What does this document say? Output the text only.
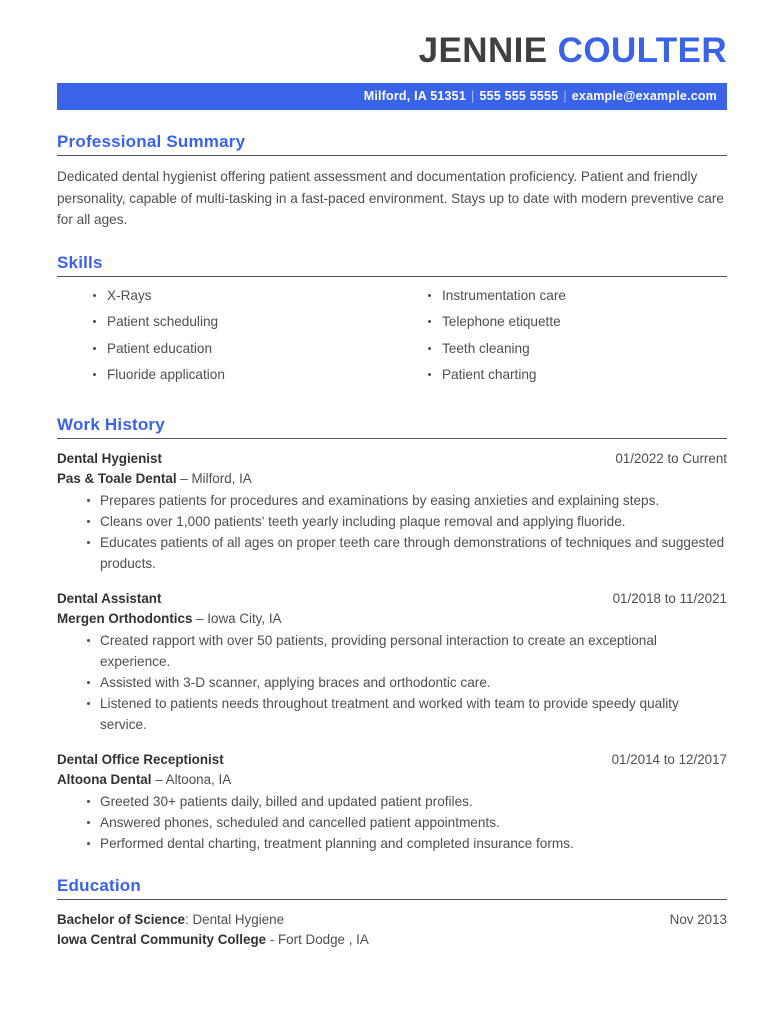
JENNIE COULTER
Milford, IA 51351 | 555 555 5555 | example@example.com
Professional Summary

Dedicated dental hygienist offering patient assessment and documentation proficiency. Patient and friendly personality, capable of multi-tasking in a fast-paced environment. Stays up to date with modern preventive care for all ages.

Skills
X-Rays
Patient scheduling
Patient education
Fluoride application
Instrumentation care
Telephone etiquette
Teeth cleaning
Patient charting
Work History
Dental Hygienist	01/2022 to Current
Pas & Toale Dental – Milford, IA
Prepares patients for procedures and examinations by easing anxieties and explaining steps.
Cleans over 1,000 patients' teeth yearly including plaque removal and applying fluoride.
Educates patients of all ages on proper teeth care through demonstrations of techniques and suggested products.
Dental Assistant	01/2018 to 11/2021
Mergen Orthodontics – Iowa City, IA
Created rapport with over 50 patients, providing personal interaction to create an exceptional experience.
Assisted with 3-D scanner, applying braces and orthodontic care.
Listened to patients needs throughout treatment and worked with team to provide speedy quality service.
Dental Office Receptionist	01/2014 to 12/2017
Altoona Dental – Altoona, IA
Greeted 30+ patients daily, billed and updated patient profiles.
Answered phones, scheduled and cancelled patient appointments.
Performed dental charting, treatment planning and completed insurance forms.
Education
Bachelor of Science: Dental Hygiene	Nov 2013
Iowa Central Community College - Fort Dodge , IA
